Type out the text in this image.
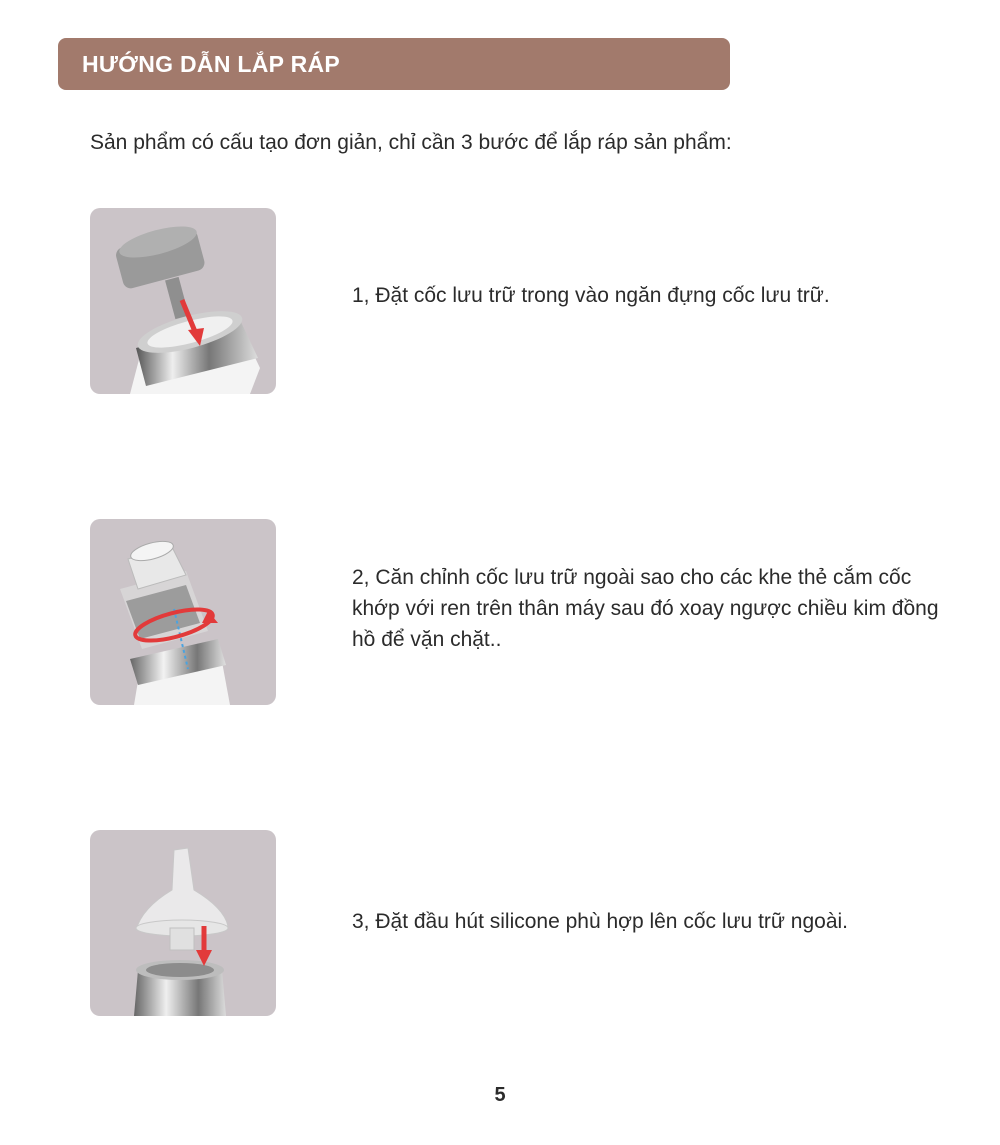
HƯỚNG DẪN LẮP RÁP
Sản phẩm có cấu tạo đơn giản, chỉ cần 3 bước để lắp ráp sản phẩm:
1, Đặt cốc lưu trữ trong vào ngăn đựng cốc lưu trữ.
2, Căn chỉnh cốc lưu trữ ngoài sao cho các khe thẻ cắm cốc khớp với ren trên thân máy sau đó xoay ngược chiều kim đồng hồ để vặn chặt..
3, Đặt đầu hút silicone phù hợp lên cốc lưu trữ ngoài.
5
